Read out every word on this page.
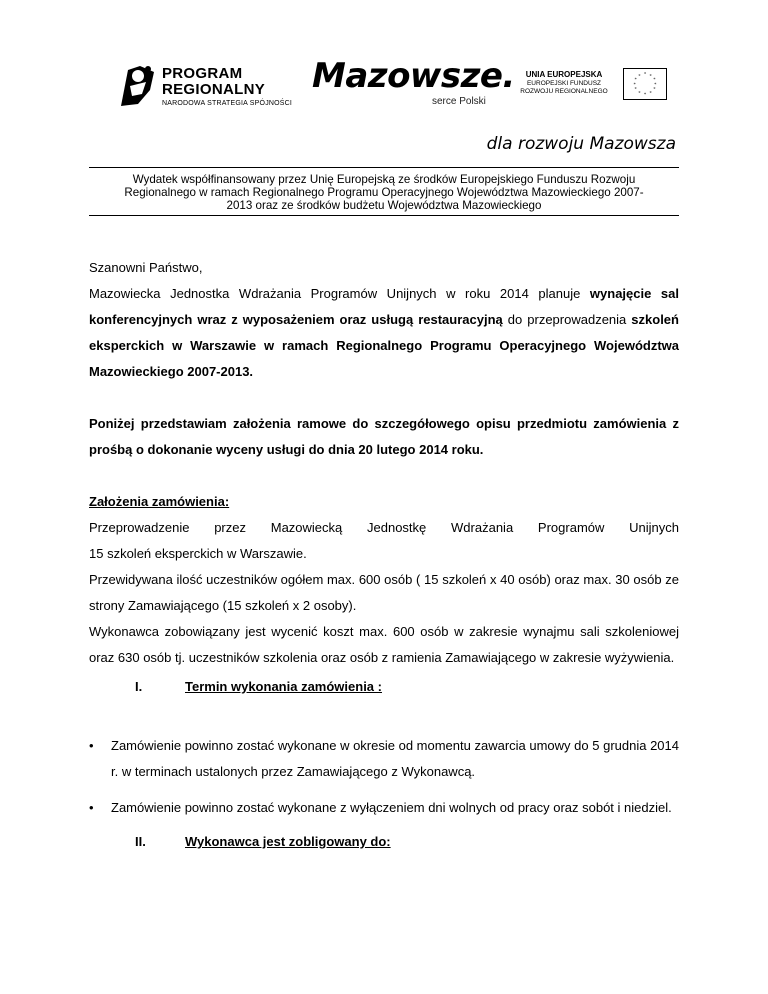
PROGRAM
REGIONALNY
NARODOWA STRATEGIA SPÓJNOŚCI
Mazowsze.
serce Polski
UNIA EUROPEJSKA
EUROPEJSKI FUNDUSZ
ROZWOJU REGIONALNEGO
* *
*
*
*
*
*
*
*
*
*
*
dla rozwoju Mazowsza
Wydatek współfinansowany przez Unię Europejską ze środków Europejskiego Funduszu Rozwoju
Regionalnego w ramach Regionalnego Programu Operacyjnego Województwa Mazowieckiego 2007-
2013 oraz ze środków budżetu Województwa Mazowieckiego

Szanowni Państwo,

Mazowiecka Jednostka Wdrażania Programów Unijnych w roku 2014 planuje wynajęcie sal konferencyjnych wraz z wyposażeniem oraz usługą restauracyjną do przeprowadzenia szkoleń eksperckich w Warszawie w ramach Regionalnego Programu Operacyjnego Województwa Mazowieckiego 2007-2013.

Poniżej przedstawiam założenia ramowe do szczegółowego opisu przedmiotu zamówienia z prośbą o dokonanie wyceny usługi do dnia 20 lutego 2014 roku.

Założenia zamówienia:

Przeprowadzenie przez Mazowiecką Jednostkę Wdrażania Programów Unijnych

15 szkoleń eksperckich w Warszawie.

Przewidywana ilość uczestników ogółem max. 600 osób ( 15 szkoleń x 40 osób) oraz max. 30 osób ze strony Zamawiającego (15 szkoleń x 2 osoby).

Wykonawca zobowiązany jest wycenić koszt max. 600 osób w zakresie wynajmu sali szkoleniowej oraz 630 osób tj. uczestników szkolenia oraz osób z ramienia Zamawiającego w zakresie wyżywienia.

I.	Termin wykonania zamówienia :
• Zamówienie powinno zostać wykonane w okresie od momentu zawarcia umowy do 5 grudnia 2014 r. w terminach ustalonych przez Zamawiającego z Wykonawcą.
• Zamówienie powinno zostać wykonane z wyłączeniem dni wolnych od pracy oraz sobót i niedziel.
II.	Wykonawca jest zobligowany do:
